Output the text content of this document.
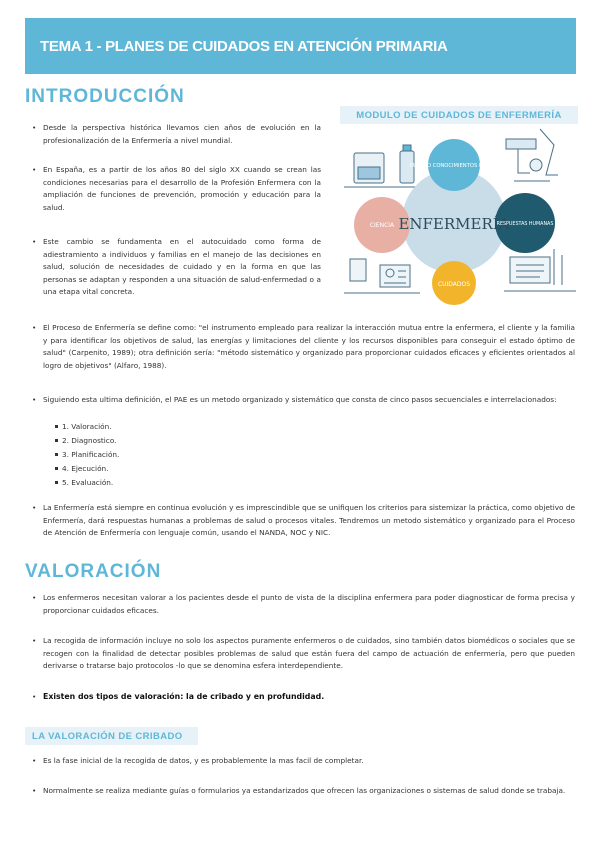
TEMA 1 - PLANES DE CUIDADOS EN ATENCIÓN PRIMARIA
INTRODUCCIÓN
• Desde la perspectiva histórica llevamos cien años de evolución en la profesionalización de la Enfermería a nivel mundial.

• En España, es a partir de los años 80 del siglo XX cuando se crean las condiciones necesarias para el desarrollo de la Profesión Enfermera con la ampliación de funciones de prevención, promoción y educación para la salud.

• Este cambio se fundamenta en el autocuidado como forma de adiestramiento a individuos y familias en el manejo de las decisiones en salud, solución de necesidades de cuidado y en la forma en que las personas se adaptan y responden a una situación de salud-enfermedad o a una etapa vital concreta.

MODULO DE CUIDADOS DE ENFERMERÍA
ENFERMERÍA
CUERPO CONOCIMIENTOS PROPIO
CIENCIA	RESPUESTAS HUMANAS
CUIDADOS
• El Proceso de Enfermería se define como: "el instrumento empleado para realizar la interacción mutua entre la enfermera, el cliente y la familia y para identificar los objetivos de salud, las energías y limitaciones del cliente y los recursos disponibles para conseguir el estado óptimo de salud" (Carpenito, 1989); otra definición sería: "método sistemático y organizado para proporcionar cuidados eficaces y eficientes orientados al logro de objetivos" (Alfaro, 1988).

• Siguiendo esta ultima definición, el PAE es un metodo organizado y sistemático que consta de cinco pasos secuenciales e interrelacionados:

1. Valoración.
2. Diagnostico.
3. Planificación.
4. Ejecución.
5. Evaluación.
• La Enfermería está siempre en continua evolución y es imprescindible que se unifiquen los criterios para sistemizar la práctica, como objetivo de Enfermería, dará respuestas humanas a problemas de salud o procesos vitales. Tendremos un metodo sistemático y organizado para el Proceso de Atención de Enfermería con lenguaje común, usando el NANDA, NOC y NIC.

VALORACIÓN
• Los enfermeros necesitan valorar a los pacientes desde el punto de vista de la disciplina enfermera para poder diagnosticar de forma precisa y proporcionar cuidados eficaces.

• La recogida de información incluye no solo los aspectos puramente enfermeros o de cuidados, sino también datos biomédicos o sociales que se recogen con la finalidad de detectar posibles problemas de salud que están fuera del campo de actuación de enfermería, pero que pueden derivarse o tratarse bajo protocolos -lo que se denomina esfera interdependiente.

• Existen dos tipos de valoración: la de cribado y en profundidad.

LA VALORACIÓN DE CRIBADO
• Es la fase inicial de la recogida de datos, y es probablemente la mas facil de completar.

• Normalmente se realiza mediante guías o formularios ya estandarizados que ofrecen las organizaciones o sistemas de salud donde se trabaja.
